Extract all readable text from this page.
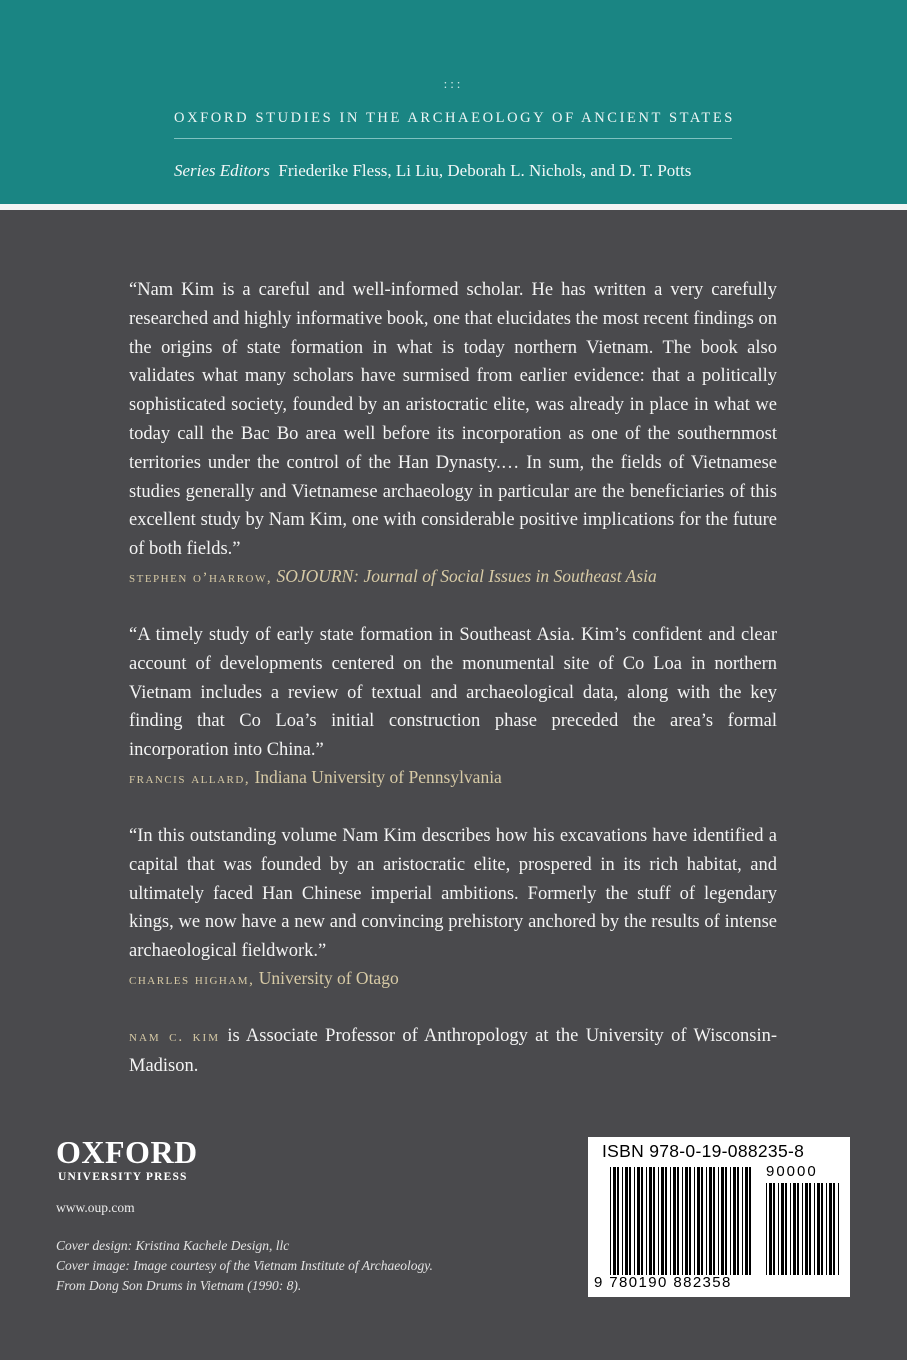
:::
OXFORD STUDIES IN THE ARCHAEOLOGY OF ANCIENT STATES
Series Editors Friederike Fless, Li Liu, Deborah L. Nichols, and D. T. Potts

“Nam Kim is a careful and well-informed scholar. He has written a very carefully researched and highly informative book, one that elucidates the most recent findings on the origins of state formation in what is today northern Vietnam. The book also validates what many scholars have surmised from earlier evidence: that a politically sophisticated society, founded by an aristocratic elite, was already in place in what we today call the Bac Bo area well before its incorporation as one of the southernmost territories under the control of the Han Dynasty.… In sum, the fields of Vietnamese studies generally and Vietnamese archaeology in particular are the beneficiaries of this excellent study by Nam Kim, one with considerable positive implications for the future of both fields.”

stephen o’harrow, SOJOURN: Journal of Social Issues in Southeast Asia

“A timely study of early state formation in Southeast Asia. Kim’s confident and clear account of developments centered on the monumental site of Co Loa in northern Vietnam includes a review of textual and archaeological data, along with the key finding that Co Loa’s initial construction phase preceded the area’s formal incorporation into China.”

francis allard, Indiana University of Pennsylvania

“In this outstanding volume Nam Kim describes how his excavations have identified a capital that was founded by an aristocratic elite, prospered in its rich habitat, and ultimately faced Han Chinese imperial ambitions. Formerly the stuff of legendary kings, we now have a new and convincing prehistory anchored by the results of intense archaeological fieldwork.”

charles higham, University of Otago

nam c. kim is Associate Professor of Anthropology at the University of Wisconsin-Madison.

OXFORD
UNIVERSITY PRESS
www.oup.com
Cover design: Kristina Kachele Design, llc
Cover image: Image courtesy of the Vietnam Institute of Archaeology.
From Dong Son Drums in Vietnam (1990: 8).
ISBN 978-0-19-088235-8
90000
9 780190 882358
